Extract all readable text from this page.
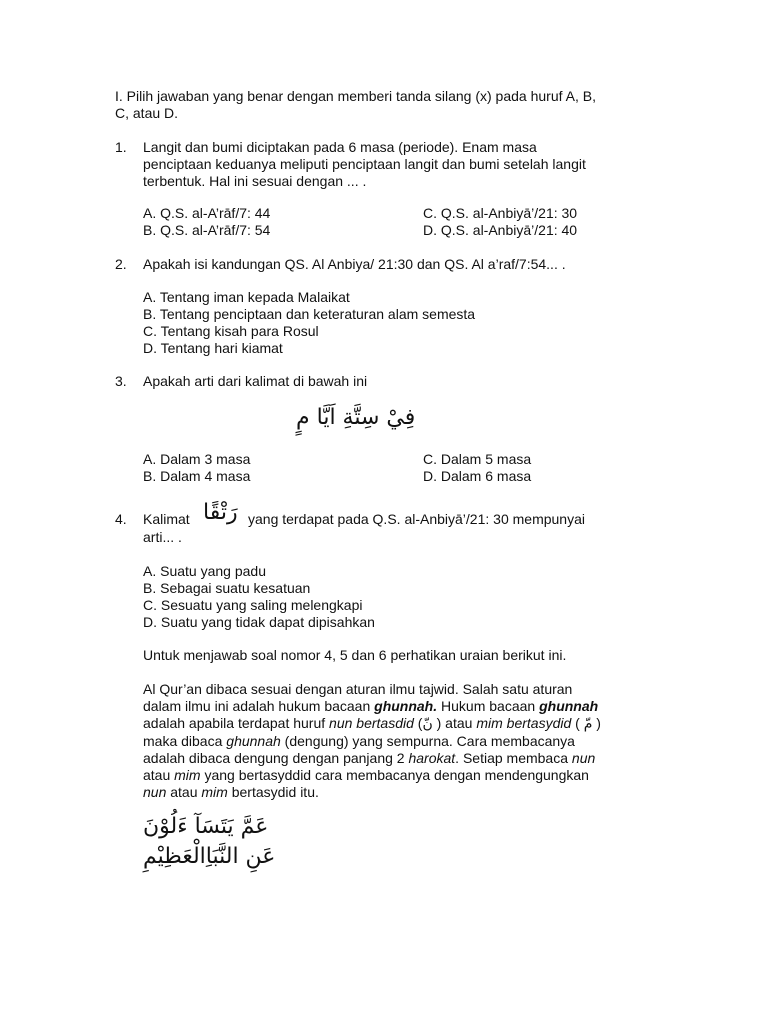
I. Pilih jawaban yang benar dengan memberi tanda silang (x) pada huruf A, B,
C, atau D.
1. Langit dan bumi diciptakan pada 6 masa (periode). Enam masa
penciptaan keduanya meliputi penciptaan langit dan bumi setelah langit
terbentuk. Hal ini sesuai dengan ... .
A. Q.S. al-A’rāf/7: 44
B. Q.S. al-A’rāf/7: 54
C. Q.S. al-Anbiyā’/21: 30
D. Q.S. al-Anbiyā’/21: 40
2. Apakah isi kandungan QS. Al Anbiya/ 21:30 dan QS. Al a’raf/7:54... .
A. Tentang iman kepada Malaikat
B. Tentang penciptaan dan keteraturan alam semesta
C. Tentang kisah para Rosul
D. Tentang hari kiamat
3. Apakah arti dari kalimat di bawah ini
فِيْ سِتَّةِ اَيَّا مٍ
A. Dalam 3 masa
B. Dalam 4 masa
C. Dalam 5 masa
D. Dalam 6 masa
4. Kalimat رَتْقًا yang terdapat pada Q.S. al-Anbiyā’/21: 30 mempunyai
arti... .
A. Suatu yang padu
B. Sebagai suatu kesatuan
C. Sesuatu yang saling melengkapi
D. Suatu yang tidak dapat dipisahkan
Untuk menjawab soal nomor 4, 5 dan 6 perhatikan uraian berikut ini.
Al Qur’an dibaca sesuai dengan aturan ilmu tajwid. Salah satu aturan
dalam ilmu ini adalah hukum bacaan ghunnah. Hukum bacaan ghunnah
adalah apabila terdapat huruf nun bertasdid (نّ ) atau mim bertasydid ( مّ )
maka dibaca ghunnah (dengung) yang sempurna. Cara membacanya
adalah dibaca dengung dengan panjang 2 harokat. Setiap membaca nun
atau mim yang bertasyddid cara membacanya dengan mendengungkan
nun atau mim bertasydid itu.
عَمَّ يَتَسَآ ءَلُوْنَ
عَنِ النَّبَاِالْعَظِيْمِ
